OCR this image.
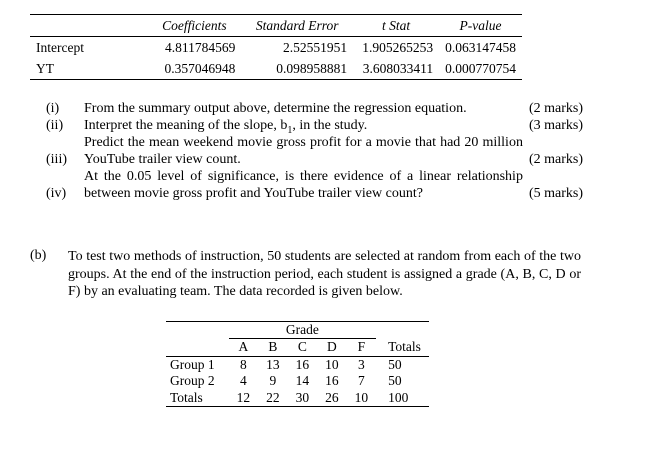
	Coefficients	Standard Error	t Stat	P-value
Intercept	4.811784569	2.52551951	1.905265253	0.063147458
YT	0.357046948	0.098958881	3.608033411	0.000770754
(i)	From the summary output above, determine the regression equation.	(2 marks)
(ii)	Interpret the meaning of the slope, $b_1$, in the study.	(3 marks)
(iii)
Predict the mean weekend movie gross profit for a movie that had 20 million YouTube trailer view count.	(2 marks)
(iv)
At the 0.05 level of significance, is there evidence of a linear relationship between movie gross profit and YouTube trailer view count?	(5 marks)
(b)	To test two methods of instruction, 50 students are selected at random from each of the two groups. At the end of the instruction period, each student is assigned a grade (A, B, C, D or F) by an evaluating team. The data recorded is given below.
	Grade					
	A	B	C	D	F	Totals
Group 1	8	13	16	10	3	50
Group 2	4	9	14	16	7	50
Totals	12	22	30	26	10	100
